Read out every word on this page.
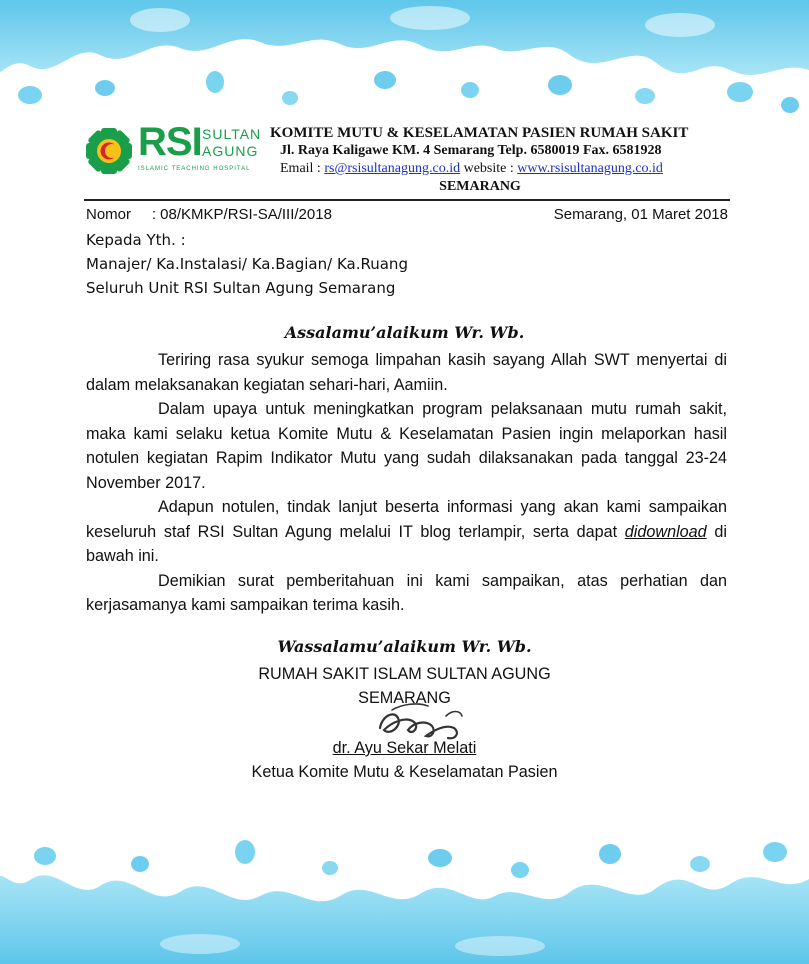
RSI SULTAN
AGUNG
ISLAMIC TEACHING HOSPITAL
KOMITE MUTU & KESELAMATAN PASIEN RUMAH SAKIT
Jl. Raya Kaligawe KM. 4 Semarang Telp. 6580019 Fax. 6581928
Email : rs@rsisultanagung.co.id website : www.rsisultanagung.co.id
SEMARANG
Nomor     : 08/KMKP/RSI-SA/III/2018	Semarang, 01 Maret 2018
Kepada Yth. :
Manajer/ Ka.Instalasi/ Ka.Bagian/ Ka.Ruang
Seluruh Unit RSI Sultan Agung Semarang
Assalamu’alaikum Wr. Wb.

Teriring rasa syukur semoga limpahan kasih sayang Allah SWT menyertai di dalam melaksanakan kegiatan sehari-hari, Aamiin.

Dalam upaya untuk meningkatkan program pelaksanaan mutu rumah sakit, maka kami selaku ketua Komite Mutu & Keselamatan Pasien ingin melaporkan hasil notulen kegiatan Rapim Indikator Mutu yang sudah dilaksanakan pada tanggal 23-24 November 2017.

Adapun notulen, tindak lanjut beserta informasi yang akan kami sampaikan keseluruh staf RSI Sultan Agung melalui IT blog terlampir, serta dapat didownload di bawah ini.

Demikian surat pemberitahuan ini kami sampaikan, atas perhatian dan kerjasamanya kami sampaikan terima kasih.

Wassalamu’alaikum Wr. Wb.
RUMAH SAKIT ISLAM SULTAN AGUNG
SEMARANG
dr. Ayu Sekar Melati
Ketua Komite Mutu & Keselamatan Pasien
